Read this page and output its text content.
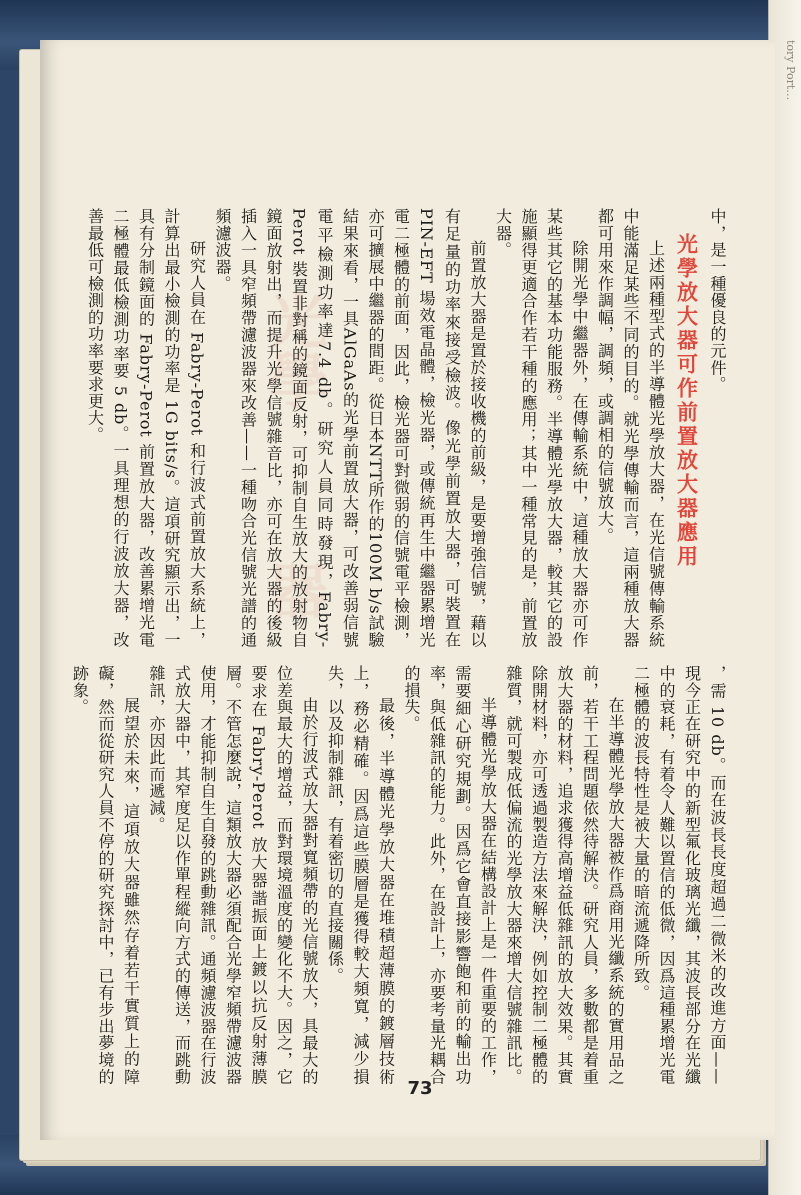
tory Port…
光學
器

中，是一種優良的元件。

光學放大器可作前置放大器應用

上述兩種型式的半導體光學放大器，在光信號傳輸系統中能滿足某些不同的目的。就光學傳輸而言，這兩種放大器都可用來作調幅，調頻，或調相的信號放大。

除開光學中繼器外，在傳輸系統中，這種放大器亦可作某些其它的基本功能服務。半導體光學放大器，較其它的設施顯得更適合作若干種的應用；其中一種常見的是，前置放大器。

前置放大器是置於接收機的前級，是要增強信號，藉以有足量的功率來接受檢波。像光學前置放大器，可裝置在 PIN-EFT 場效電晶體，檢光器，或傳統再生中繼器累增光電二極體的前面，因此，檢光器可對微弱的信號電平檢測，亦可擴展中繼器的間距。從日本NTT所作的100M b/s試驗結果來看，一具AlGaAs的光學前置放大器，可改善弱信號電平檢測功率達7.4 db。研究人員同時發現，Fabry-Perot 裝置非對稱的鏡面反射，可抑制自生放大的放射物自鏡面放射出，而提升光學信號雜音比，亦可在放大器的後級插入一具窄頻帶濾波器來改善——一種吻合光信號光譜的通頻濾波器。

研究人員在 Fabry-Perot 和行波式前置放大系統上，計算出最小檢測的功率是 1G bits/s。這項研究顯示出，一具有分制鏡面的 Fabry-Perot 前置放大器，改善累增光電二極體最低檢測功率要 5 db。一具理想的行波放大器，改善最低可檢測的功率要求更大。

，需 10 db。而在波長長度超過二微米的改進方面——現今正在研究中的新型氟化玻璃光纖，其波長部分在光纖中的衰耗，有着令人難以置信的低微，因爲這種累增光電二極體的波長特性是被大量的暗流遞降所致。

在半導體光學放大器被作爲商用光纖系統的實用品之前，若干工程問題依然待解決。研究人員，多數都是着重放大器的材料，追求獲得高增益低雜訊的放大效果。其實除開材料，亦可透過製造方法來解決，例如控制二極體的雜質，就可製成低偏流的光學放大器來增大信號雜訊比。

半導體光學放大器在結構設計上是一件重要的工作，需要細心研究規劃。因爲它會直接影響飽和前的輸出功率，與低雜訊的能力。此外，在設計上，亦要考量光耦合的損失。

最後，半導體光學放大器在堆積超薄膜的鍍層技術上，務必精確。因爲這些膜層是獲得較大頻寬，減少損失，以及抑制雜訊，有着密切的直接關係。

由於行波式放大器對寬頻帶的光信號放大，具最大的位差與最大的增益，而對環境溫度的變化不大。因之，它要求在 Fabry-Perot 放大器諧振面上鍍以抗反射薄膜層。不管怎麼說，這類放大器必須配合光學窄頻帶濾波器使用，才能抑制自生自發的跳動雜訊。通頻濾波器在行波式放大器中，其窄度足以作單程縱向方式的傳送，而跳動雜訊，亦因此而遞減。

展望於未來，這項放大器雖然存着若干實質上的障礙，然而從研究人員不停的研究探討中，已有步出夢境的跡象。

73
